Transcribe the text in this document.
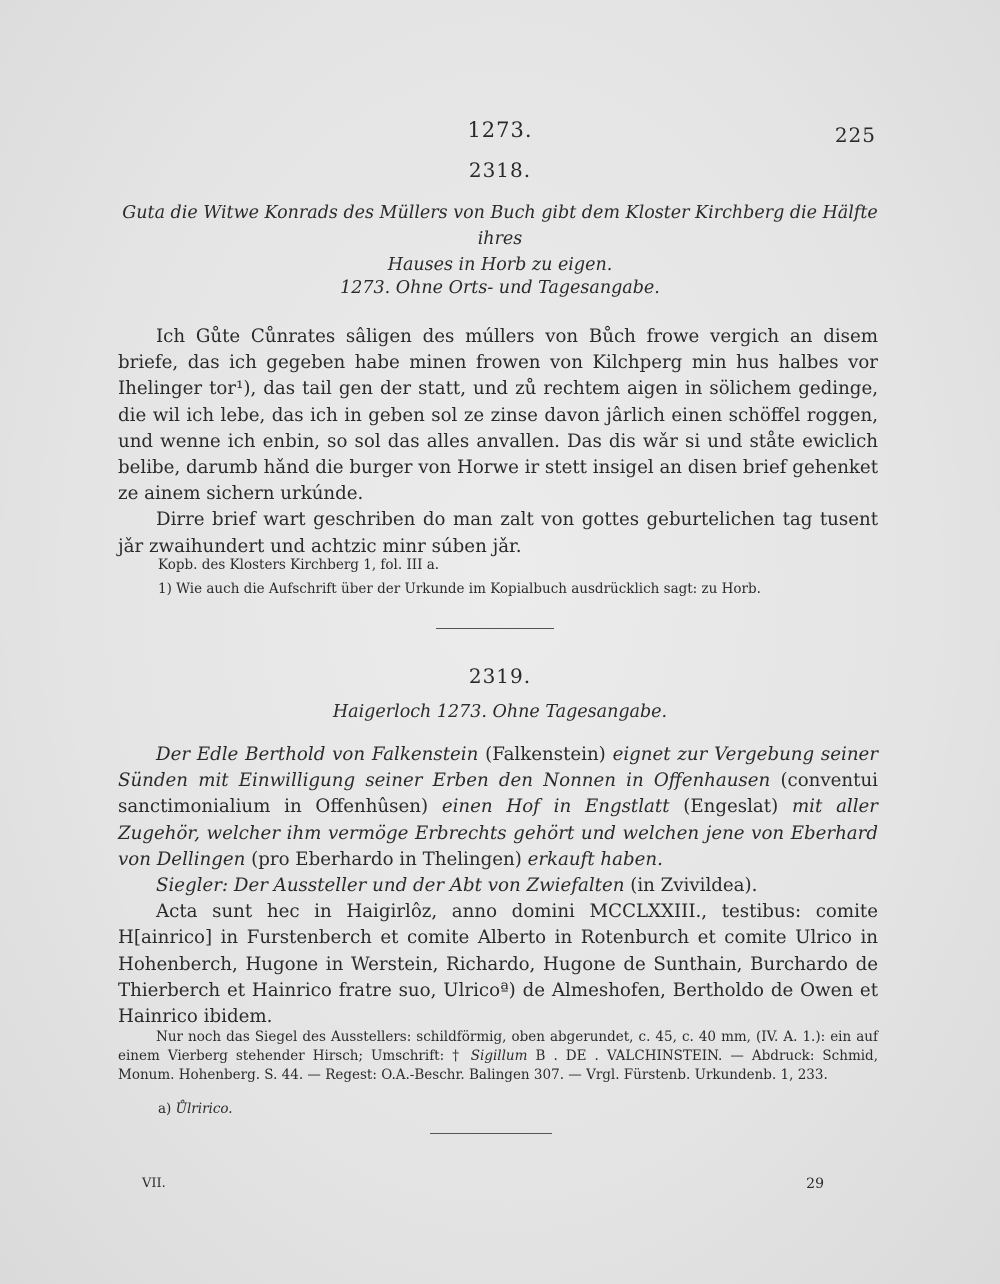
1273.	225
2318.
Guta die Witwe Konrads des Müllers von Buch gibt dem Kloster Kirchberg die Hälfte ihres
Hauses in Horb zu eigen.
1273. Ohne Orts- und Tagesangabe.

Ich Gůte Cůnrates sâligen des múllers von Bůch frowe vergich an disem briefe, das ich gegeben habe minen frowen von Kilchperg min hus halbes vor Ihelinger tor¹), das tail gen der statt, und zů rechtem aigen in sölichem gedinge, die wil ich lebe, das ich in geben sol ze zinse davon jârlich einen schöffel roggen, und wenne ich enbin, so sol das alles anvallen. Das dis wǎr si und ståte ewiclich belibe, darumb hǎnd die burger von Horwe ir stett insigel an disen brief gehenket ze ainem sichern urkúnde.

Dirre brief wart geschriben do man zalt von gottes geburtelichen tag tusent jǎr zwaihundert und achtzic minr súben jǎr.

Kopb. des Klosters Kirchberg 1, fol. III a.
1) Wie auch die Aufschrift über der Urkunde im Kopialbuch ausdrücklich sagt: zu Horb.
2319.
Haigerloch 1273. Ohne Tagesangabe.

Der Edle Berthold von Falkenstein (Falkenstein) eignet zur Vergebung seiner Sünden mit Einwilligung seiner Erben den Nonnen in Offenhausen (conventui sanctimonialium in Offenhûsen) einen Hof in Engstlatt (Engeslat) mit aller Zugehör, welcher ihm vermöge Erbrechts gehört und welchen jene von Eberhard von Dellingen (pro Eberhardo in Thelingen) erkauft haben.

Siegler: Der Aussteller und der Abt von Zwiefalten (in Zvivildea).

Acta sunt hec in Haigirlôz, anno domini MCCLXXIII., testibus: comite H[ainrico] in Furstenberch et comite Alberto in Rotenburch et comite Ulrico in Hohenberch, Hugone in Werstein, Richardo, Hugone de Sunthain, Burchardo de Thierberch et Hainrico fratre suo, Ulricoª) de Almeshofen, Bertholdo de Owen et Hainrico ibidem.

Nur noch das Siegel des Ausstellers: schildförmig, oben abgerundet, c. 45, c. 40 mm, (IV. A. 1.): ein auf einem Vierberg stehender Hirsch; Umschrift: † Sigillum B . DE . VALCHINSTEIN. — Abdruck: Schmid, Monum. Hohenberg. S. 44. — Regest: O.A.-Beschr. Balingen 307. — Vrgl. Fürstenb. Urkundenb. 1, 233.

a) Ůlririco.
VII.	29
